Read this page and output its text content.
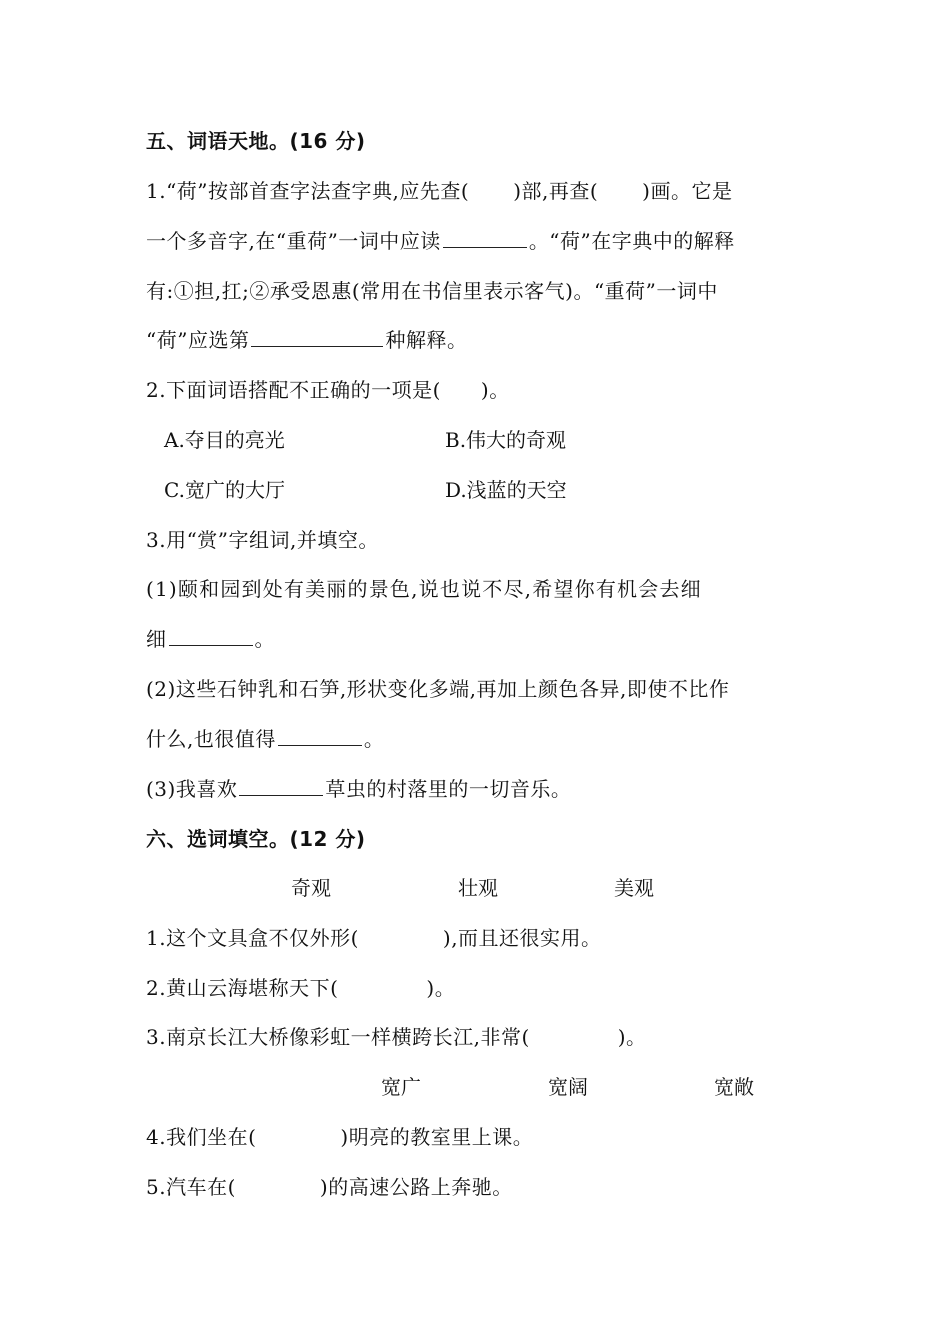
五、词语天地。(16 分)
1.“荷”按部首查字法查字典,应先查( )部,再查( )画。它是
一个多音字,在“重荷”一词中应读	。“荷”在字典中的解释
有:①担,扛;②承受恩惠(常用在书信里表示客气)。“重荷”一词中
“荷”应选第	种解释。
2.下面词语搭配不正确的一项是( )。
A.夺目的亮光	B.伟大的奇观
C.宽广的大厅	D.浅蓝的天空
3.用“赏”字组词,并填空。
(1)颐和园到处有美丽的景色,说也说不尽,希望你有机会去细
细	。
(2)这些石钟乳和石笋,形状变化多端,再加上颜色各异,即使不比作
什么,也很值得	。
(3)我喜欢	草虫的村落里的一切音乐。
六、选词填空。(12 分)
奇观	壮观	美观
1.这个文具盒不仅外形(	),而且还很实用。
2.黄山云海堪称天下(	)。
3.南京长江大桥像彩虹一样横跨长江,非常(	)。
宽广	宽阔	宽敞
4.我们坐在(	)明亮的教室里上课。
5.汽车在(	)的高速公路上奔驰。
